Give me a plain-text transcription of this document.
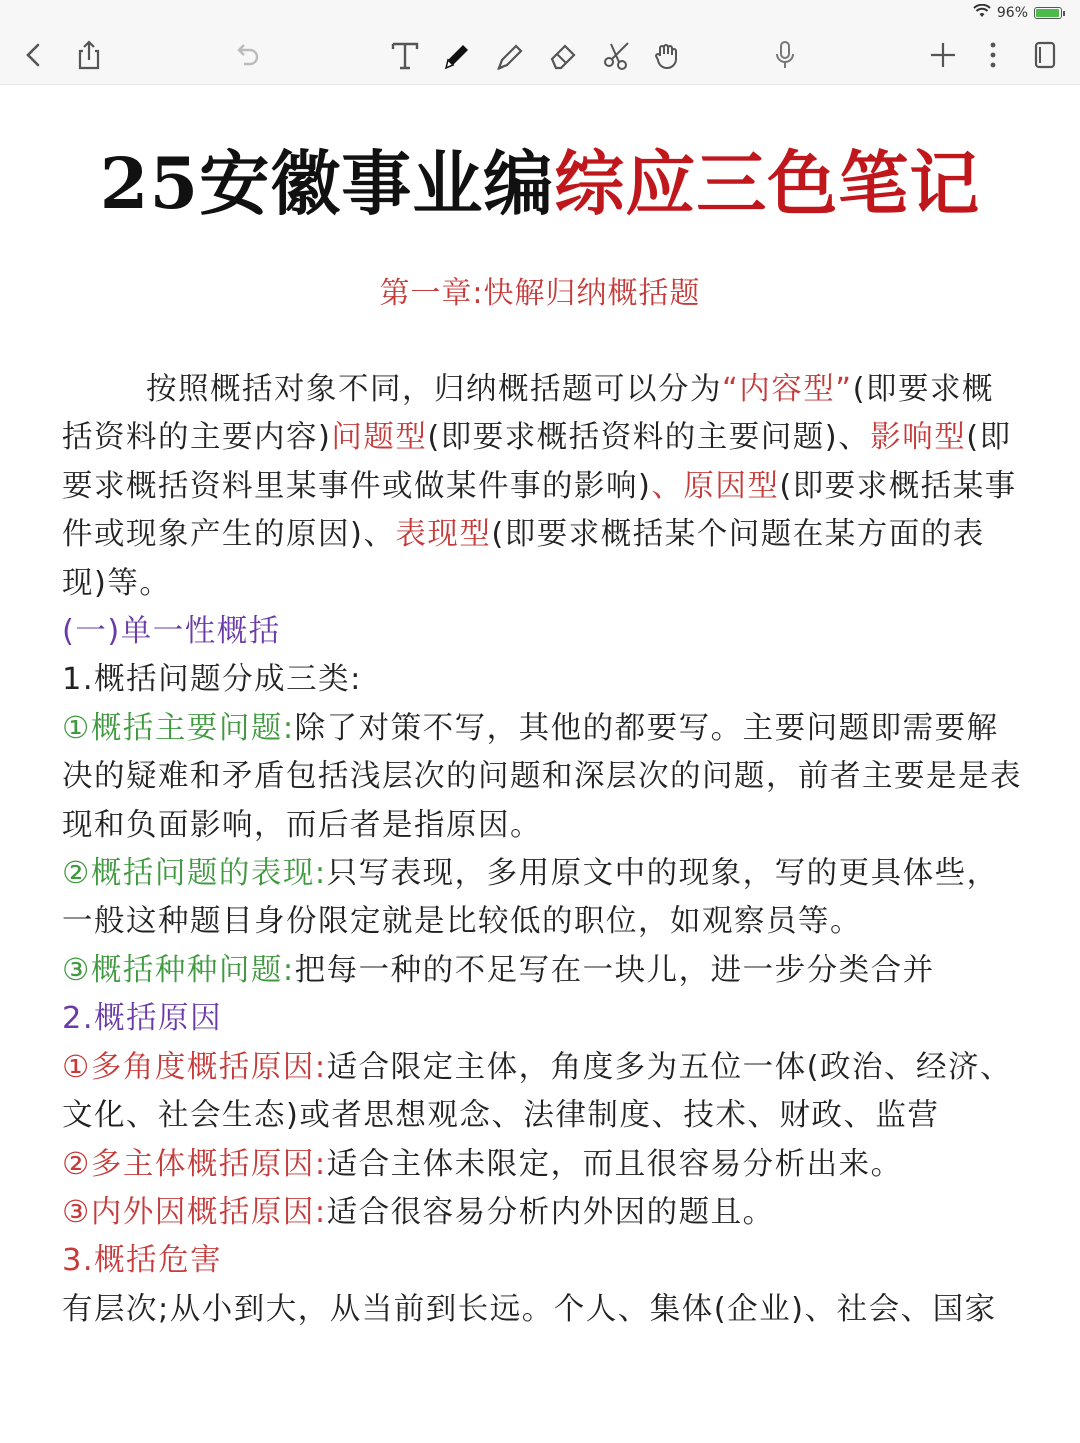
96%
25安徽事业编综应三色笔记
第一章:快解归纳概括题

按照概括对象不同，归纳概括题可以分为“内容型”(即要求概括资料的主要内容)问题型(即要求概括资料的主要问题)、影响型(即要求概括资料里某事件或做某件事的影响)、原因型(即要求概括某事件或现象产生的原因)、表现型(即要求概括某个问题在某方面的表现)等。

(一)单一性概括

1.概括问题分成三类:

①概括主要问题:除了对策不写，其他的都要写。主要问题即需要解决的疑难和矛盾包括浅层次的问题和深层次的问题，前者主要是是表现和负面影响，而后者是指原因。

②概括问题的表现:只写表现，多用原文中的现象，写的更具体些，一般这种题目身份限定就是比较低的职位，如观察员等。

③概括种种问题:把每一种的不足写在一块儿，进一步分类合并

2.概括原因

①多角度概括原因:适合限定主体，角度多为五位一体(政治、经济、文化、社会生态)或者思想观念、法律制度、技术、财政、监营

②多主体概括原因:适合主体未限定，而且很容易分析出来。

③内外因概括原因:适合很容易分析内外因的题且。

3.概括危害

有层次;从小到大，从当前到长远。个人、集体(企业)、社会、国家
